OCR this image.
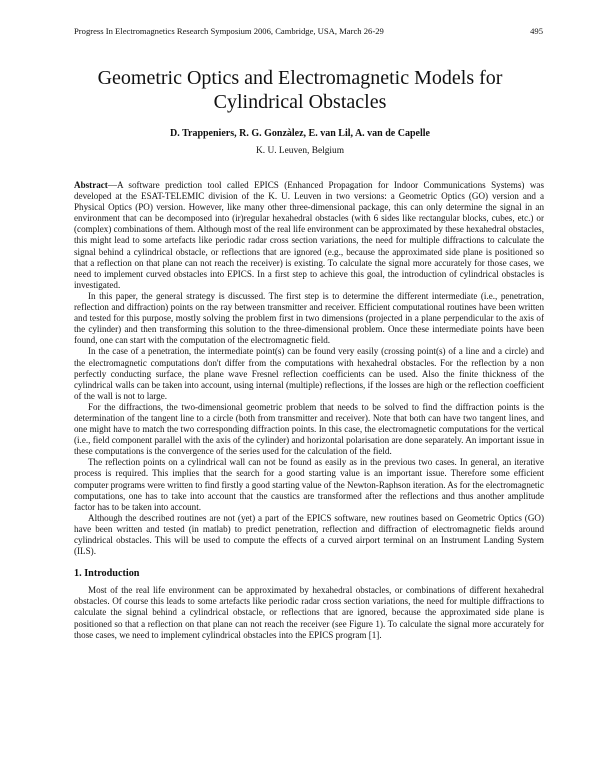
Progress In Electromagnetics Research Symposium 2006, Cambridge, USA, March 26-29	495
Geometric Optics and Electromagnetic Models for
Cylindrical Obstacles
D. Trappeniers, R. G. Gonzàlez, E. van Lil, A. van de Capelle
K. U. Leuven, Belgium

Abstract—A software prediction tool called EPICS (Enhanced Propagation for Indoor Communications Systems) was developed at the ESAT-TELEMIC division of the K. U. Leuven in two versions: a Geometric Optics (GO) version and a Physical Optics (PO) version. However, like many other three-dimensional package, this can only determine the signal in an environment that can be decomposed into (ir)regular hexahedral obstacles (with 6 sides like rectangular blocks, cubes, etc.) or (complex) combinations of them. Although most of the real life environment can be approximated by these hexahedral obstacles, this might lead to some artefacts like periodic radar cross section variations, the need for multiple diffractions to calculate the signal behind a cylindrical obstacle, or reflections that are ignored (e.g., because the approximated side plane is positioned so that a reflection on that plane can not reach the receiver) is existing. To calculate the signal more accurately for those cases, we need to implement curved obstacles into EPICS. In a first step to achieve this goal, the introduction of cylindrical obstacles is investigated.

In this paper, the general strategy is discussed. The first step is to determine the different intermediate (i.e., penetration, reflection and diffraction) points on the ray between transmitter and receiver. Efficient computational routines have been written and tested for this purpose, mostly solving the problem first in two dimensions (projected in a plane perpendicular to the axis of the cylinder) and then transforming this solution to the three-dimensional problem. Once these intermediate points have been found, one can start with the computation of the electromagnetic field.

In the case of a penetration, the intermediate point(s) can be found very easily (crossing point(s) of a line and a circle) and the electromagnetic computations don't differ from the computations with hexahedral obstacles. For the reflection by a non perfectly conducting surface, the plane wave Fresnel reflection coefficients can be used. Also the finite thickness of the cylindrical walls can be taken into account, using internal (multiple) reflections, if the losses are high or the reflection coefficient of the wall is not to large.

For the diffractions, the two-dimensional geometric problem that needs to be solved to find the diffraction points is the determination of the tangent line to a circle (both from transmitter and receiver). Note that both can have two tangent lines, and one might have to match the two corresponding diffraction points. In this case, the electromagnetic computations for the vertical (i.e., field component parallel with the axis of the cylinder) and horizontal polarisation are done separately. An important issue in these computations is the convergence of the series used for the calculation of the field.

The reflection points on a cylindrical wall can not be found as easily as in the previous two cases. In general, an iterative process is required. This implies that the search for a good starting value is an important issue. Therefore some efficient computer programs were written to find firstly a good starting value of the Newton-Raphson iteration. As for the electromagnetic computations, one has to take into account that the caustics are transformed after the reflections and thus another amplitude factor has to be taken into account.

Although the described routines are not (yet) a part of the EPICS software, new routines based on Geometric Optics (GO) have been written and tested (in matlab) to predict penetration, reflection and diffraction of electromagnetic fields around cylindrical obstacles. This will be used to compute the effects of a curved airport terminal on an Instrument Landing System (ILS).

1. Introduction

Most of the real life environment can be approximated by hexahedral obstacles, or combinations of different hexahedral obstacles. Of course this leads to some artefacts like periodic radar cross section variations, the need for multiple diffractions to calculate the signal behind a cylindrical obstacle, or reflections that are ignored, because the approximated side plane is positioned so that a reflection on that plane can not reach the receiver (see Figure 1). To calculate the signal more accurately for those cases, we need to implement cylindrical obstacles into the EPICS program [1].
